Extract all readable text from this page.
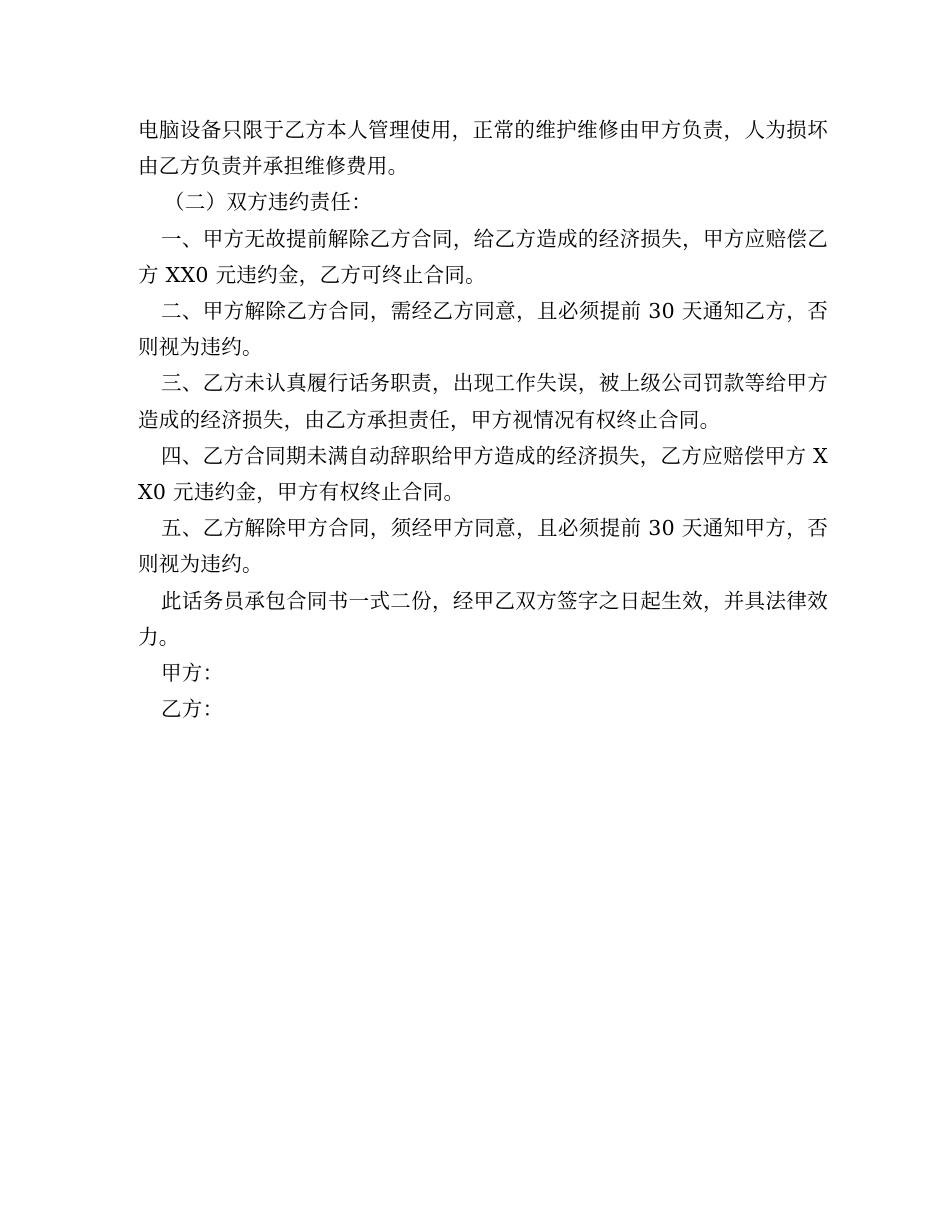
电脑设备只限于乙方本人管理使用，正常的维护维修由甲方负责，人为损坏由乙方负责并承担维修费用。

（二）双方违约责任：

一、甲方无故提前解除乙方合同，给乙方造成的经济损失，甲方应赔偿乙方 XX0 元违约金，乙方可终止合同。

二、甲方解除乙方合同，需经乙方同意，且必须提前 30 天通知乙方，否则视为违约。

三、乙方未认真履行话务职责，出现工作失误，被上级公司罚款等给甲方造成的经济损失，由乙方承担责任，甲方视情况有权终止合同。

四、乙方合同期未满自动辞职给甲方造成的经济损失，乙方应赔偿甲方 XX0 元违约金，甲方有权终止合同。

五、乙方解除甲方合同，须经甲方同意，且必须提前 30 天通知甲方，否则视为违约。

此话务员承包合同书一式二份，经甲乙双方签字之日起生效，并具法律效力。

甲方：

乙方：
